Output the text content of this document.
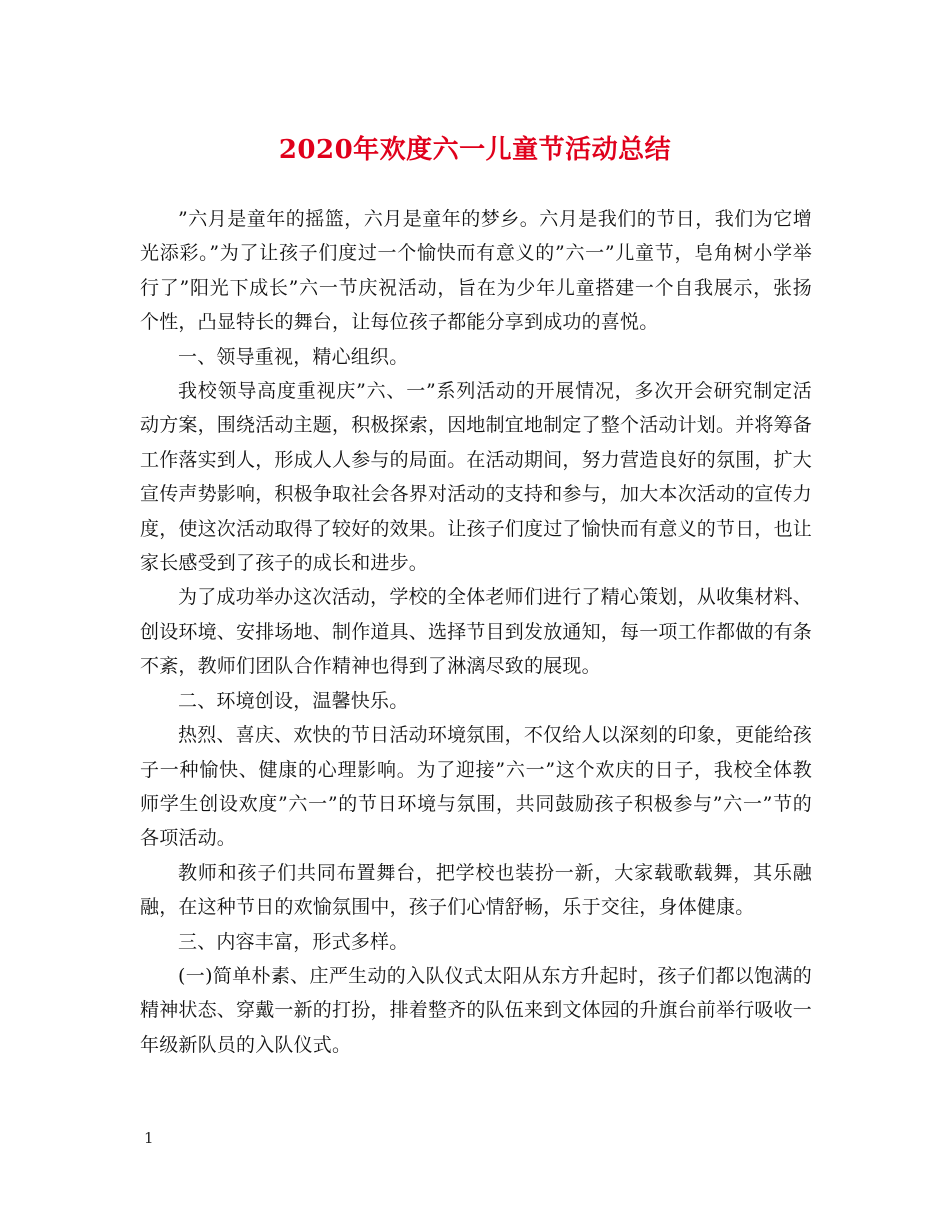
2020年欢度六一儿童节活动总结

”六月是童年的摇篮，六月是童年的梦乡。六月是我们的节日，我们为它增光添彩。”为了让孩子们度过一个愉快而有意义的”六一”儿童节，皂角树小学举行了”阳光下成长”六一节庆祝活动，旨在为少年儿童搭建一个自我展示，张扬个性，凸显特长的舞台，让每位孩子都能分享到成功的喜悦。

一、领导重视，精心组织。

我校领导高度重视庆”六、一”系列活动的开展情况，多次开会研究制定活动方案，围绕活动主题，积极探索，因地制宜地制定了整个活动计划。并将筹备工作落实到人，形成人人参与的局面。在活动期间，努力营造良好的氛围，扩大宣传声势影响，积极争取社会各界对活动的支持和参与，加大本次活动的宣传力度，使这次活动取得了较好的效果。让孩子们度过了愉快而有意义的节日，也让家长感受到了孩子的成长和进步。

为了成功举办这次活动，学校的全体老师们进行了精心策划，从收集材料、创设环境、安排场地、制作道具、选择节目到发放通知，每一项工作都做的有条不紊，教师们团队合作精神也得到了淋漓尽致的展现。

二、环境创设，温馨快乐。

热烈、喜庆、欢快的节日活动环境氛围，不仅给人以深刻的印象，更能给孩子一种愉快、健康的心理影响。为了迎接”六一”这个欢庆的日子，我校全体教师学生创设欢度”六一”的节日环境与氛围，共同鼓励孩子积极参与”六一”节的各项活动。

教师和孩子们共同布置舞台，把学校也装扮一新，大家载歌载舞，其乐融融，在这种节日的欢愉氛围中，孩子们心情舒畅，乐于交往，身体健康。

三、内容丰富，形式多样。

(一)简单朴素、庄严生动的入队仪式太阳从东方升起时，孩子们都以饱满的精神状态、穿戴一新的打扮，排着整齐的队伍来到文体园的升旗台前举行吸收一年级新队员的入队仪式。

1
